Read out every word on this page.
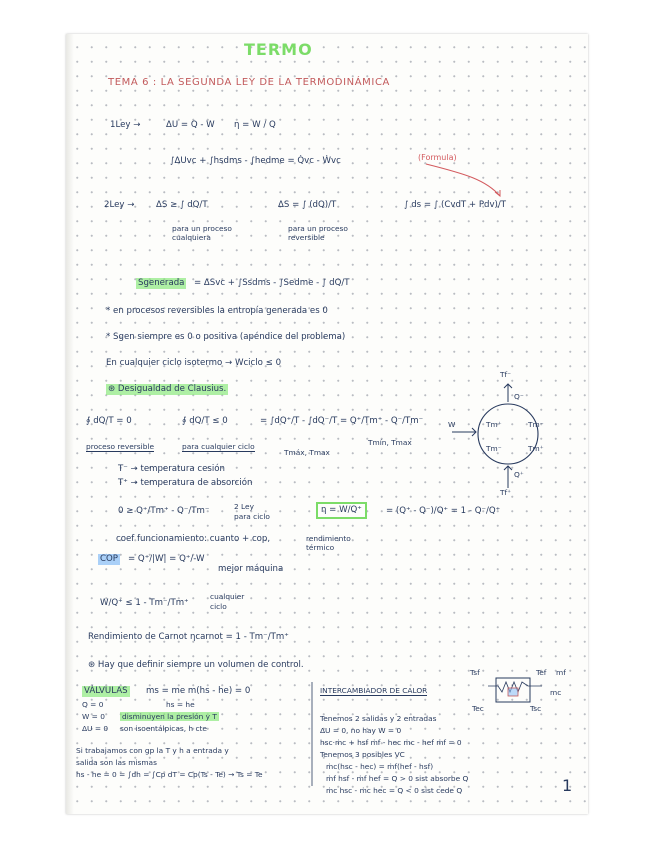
TERMO
TEMA 6 : LA SEGUNDA LEY DE LA TERMODINÁMICA
1Ley →	ΔU = Q - W η = W / Q
∫ΔUvc + ∫hsdms - ∫hedme = Q̇vc - Ẇvc	(Formula)
2Ley →	ΔS ≥ ∫ dQ/T
para un proceso cualquiera
ΔS = ∫ (dQ)/T
para un proceso reversible
∫ ds = ∫ (CvdT + Pdv)/T
Sgenerada = ΔSvc + ∫Ssdms - ∫Sedme - ∫ dQ/T
* en procesos reversibles la entropía generada es 0
* Sgen siempre es 0 o positiva (apéndice del problema)
En cualquier ciclo isotermo → Wciclo ≤ 0
⊛ Desigualdad de Clausius.
∮ dQ/T = 0
proceso reversible
∮ dQ/T ≤ 0
para cualquier ciclo
= ∫dQ⁺/T - ∫dQ⁻/T = Q⁺/Tm⁺ - Q⁻/Tm⁻
Tmáx, Tmax
Tmín, Tmax
W
Tf⁻
Q⁻
Tm⁺	Tm⁻
Tm⁻	Tm⁺
Q⁺
Tf⁺
T⁻ → temperatura cesión
T⁺ → temperatura de absorción
0 ≥ Q⁺/Tm⁺ - Q⁻/Tm⁻	2 Ley
para ciclo
η = W/Q⁺	= (Q⁺ - Q⁻)/Q⁺ = 1 - Q⁻/Q⁺
rendimiento térmico
coef funcionamiento: cuanto + cop,
COP = Q⁺/|W| = Q⁺/-W
mejor máquina
W/Q⁺ ≤ 1 - Tm⁻/Tm⁺
cualquier
ciclo
Rendimiento de Carnot ηcarnot = 1 - Tm⁻/Tm⁺
⊛ Hay que definir siempre un volumen de control.
VÁLVULAS ms = me m(hs - he) = 0
Q = 0	hs = he
W = 0 disminuyen la presión y T
ΔU = 0 son isoentálpicas, h cte
Si trabajamos con gp la T y h a entrada y
salida son las mismas
hs - he = 0 = ∫dh = ∫Cp dT = Cp(Ts - Te) → Ts = Te
INTERCAMBIADOR DE CALOR
Tsf	Tef mf
mc
Tsc
Tec
Tenemos 2 salidas y 2 entradas
ΔU = 0, no hay W = 0
hsc·ṁc + hsf ṁf - hec ṁc - hef ṁf = 0
Tenemos 3 posibles VC
ṁc(hsc - hec) = ṁf(hef - hsf)
ṁf hsf - ṁf hef = Q > 0 sist absorbe Q
ṁc hsc - ṁc hec = Q < 0 sist cede Q	1
